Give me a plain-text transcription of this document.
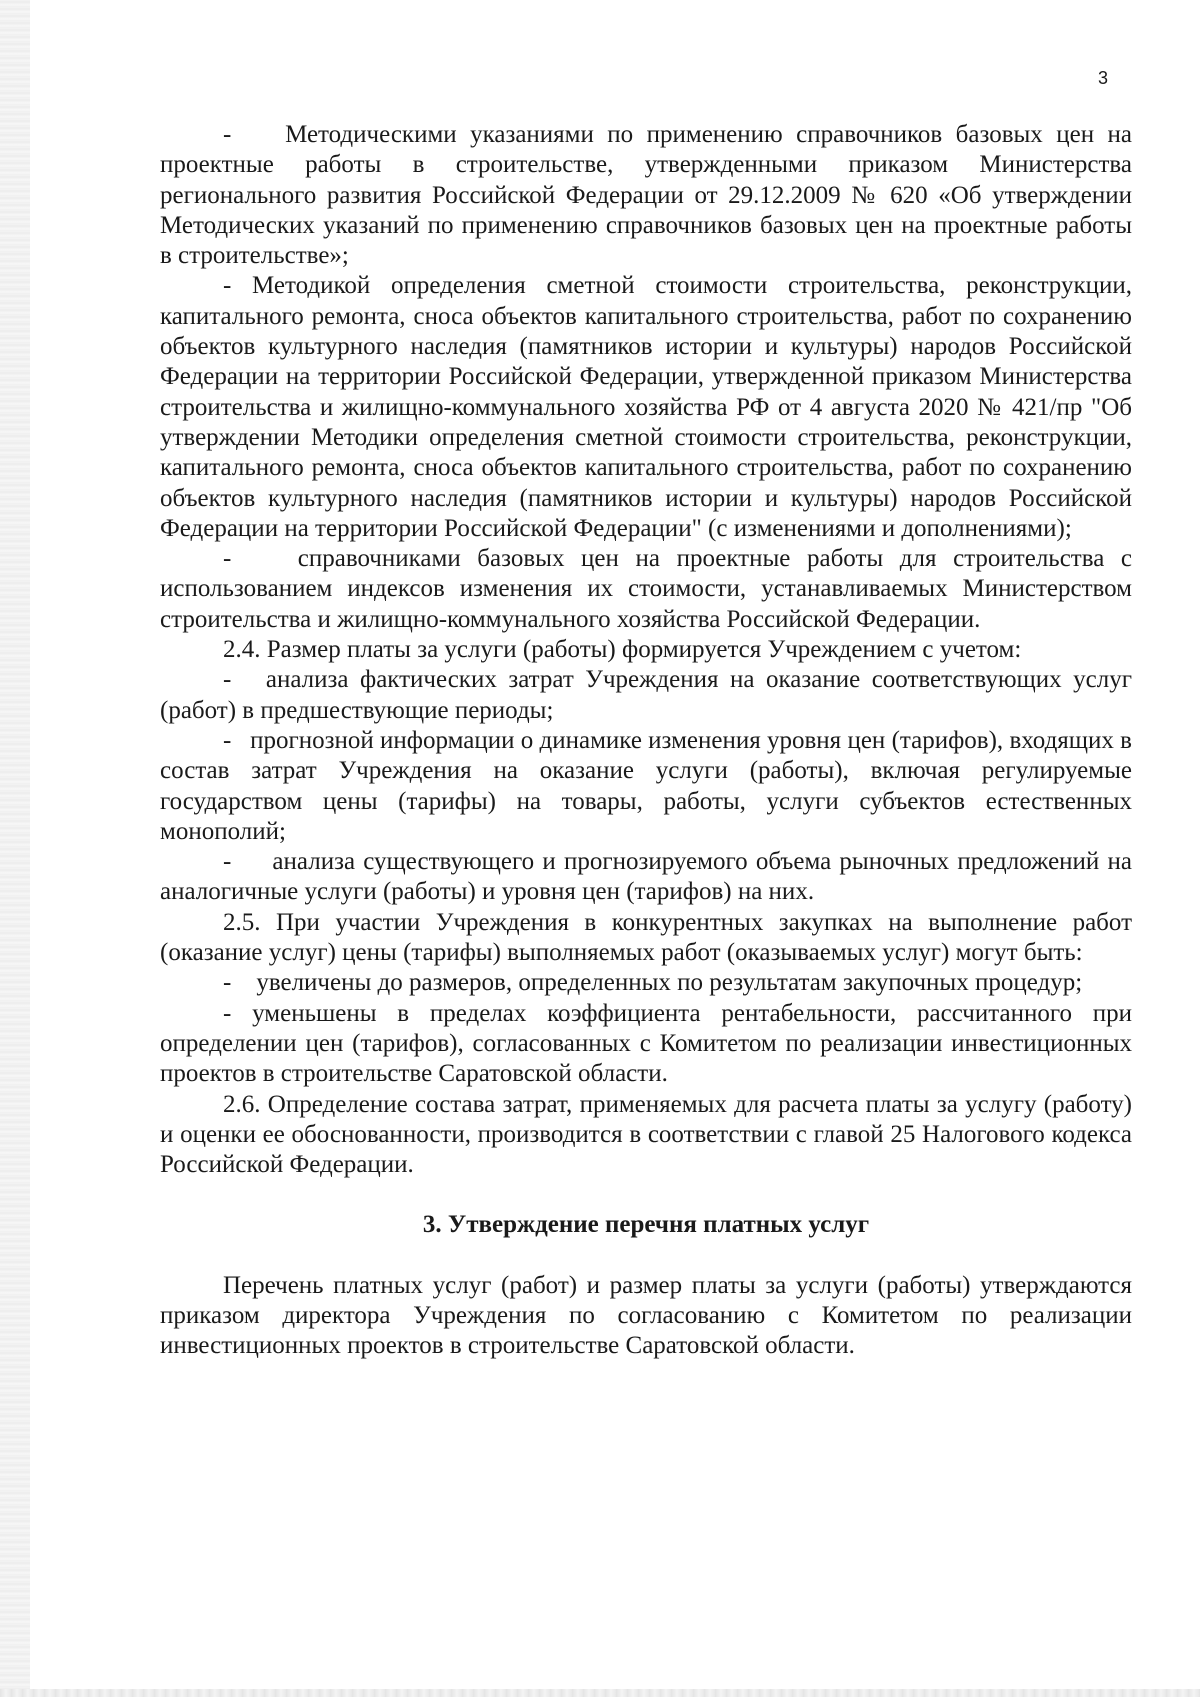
3

-    Методическими указаниями по применению справочников базовых цен на проектные работы в строительстве, утвержденными приказом Министерства регионального развития Российской Федерации от 29.12.2009 № 620 «Об утверждении Методических указаний по применению справочников базовых цен на проектные работы в строительстве»;

- Методикой определения сметной стоимости строительства, реконструкции, капитального ремонта, сноса объектов капитального строительства, работ по сохранению объектов культурного наследия (памятников истории и культуры) народов Российской Федерации на территории Российской Федерации, утвержденной приказом Министерства строительства и жилищно-коммунального хозяйства РФ от 4 августа 2020 № 421/пр "Об утверждении Методики определения сметной стоимости строительства, реконструкции, капитального ремонта, сноса объектов капитального строительства, работ по сохранению объектов культурного наследия (памятников истории и культуры) народов Российской Федерации на территории Российской Федерации" (с изменениями и дополнениями);

-    справочниками базовых цен на проектные работы для строительства с использованием индексов изменения их стоимости, устанавливаемых Министерством строительства и жилищно-коммунального хозяйства Российской Федерации.

2.4. Размер платы за услуги (работы) формируется Учреждением с учетом:

-   анализа фактических затрат Учреждения на оказание соответствующих услуг (работ) в предшествующие периоды;

-   прогнозной информации о динамике изменения уровня цен (тарифов), входящих в состав затрат Учреждения на оказание услуги (работы), включая регулируемые государством цены (тарифы) на товары, работы, услуги субъектов естественных монополий;

-     анализа существующего и прогнозируемого объема рыночных предложений на аналогичные услуги (работы) и уровня цен (тарифов) на них.

2.5. При участии Учреждения в конкурентных закупках на выполнение работ (оказание услуг) цены (тарифы) выполняемых работ (оказываемых услуг) могут быть:

-    увеличены до размеров, определенных по результатам закупочных процедур;

- уменьшены в пределах коэффициента рентабельности, рассчитанного при определении цен (тарифов), согласованных с Комитетом по реализации инвестиционных проектов в строительстве Саратовской области.

2.6. Определение состава затрат, применяемых для расчета платы за услугу (работу) и оценки ее обоснованности, производится в соответствии с главой 25 Налогового кодекса Российской Федерации.

3. Утверждение перечня платных услуг

Перечень платных услуг (работ) и размер платы за услуги (работы) утверждаются приказом директора Учреждения по согласованию с Комитетом по реализации инвестиционных проектов в строительстве Саратовской области.
